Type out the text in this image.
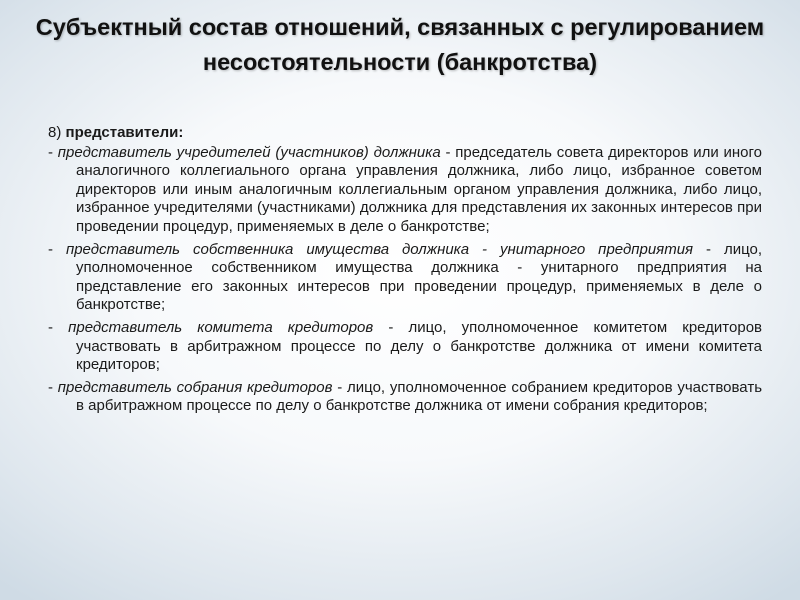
Субъектный состав отношений, связанных с регулированием несостоятельности (банкротства)

8) представители:

- представитель учредителей (участников) должника - председатель совета директоров или иного аналогичного коллегиального органа управления должника, либо лицо, избранное советом директоров или иным аналогичным коллегиальным органом управления должника, либо лицо, избранное учредителями (участниками) должника для представления их законных интересов при проведении процедур, применяемых в деле о банкротстве;

- представитель собственника имущества должника - унитарного предприятия - лицо, уполномоченное собственником имущества должника - унитарного предприятия на представление его законных интересов при проведении процедур, применяемых в деле о банкротстве;

- представитель комитета кредиторов - лицо, уполномоченное комитетом кредиторов участвовать в арбитражном процессе по делу о банкротстве должника от имени комитета кредиторов;

- представитель собрания кредиторов - лицо, уполномоченное собранием кредиторов участвовать в арбитражном процессе по делу о банкротстве должника от имени собрания кредиторов;
